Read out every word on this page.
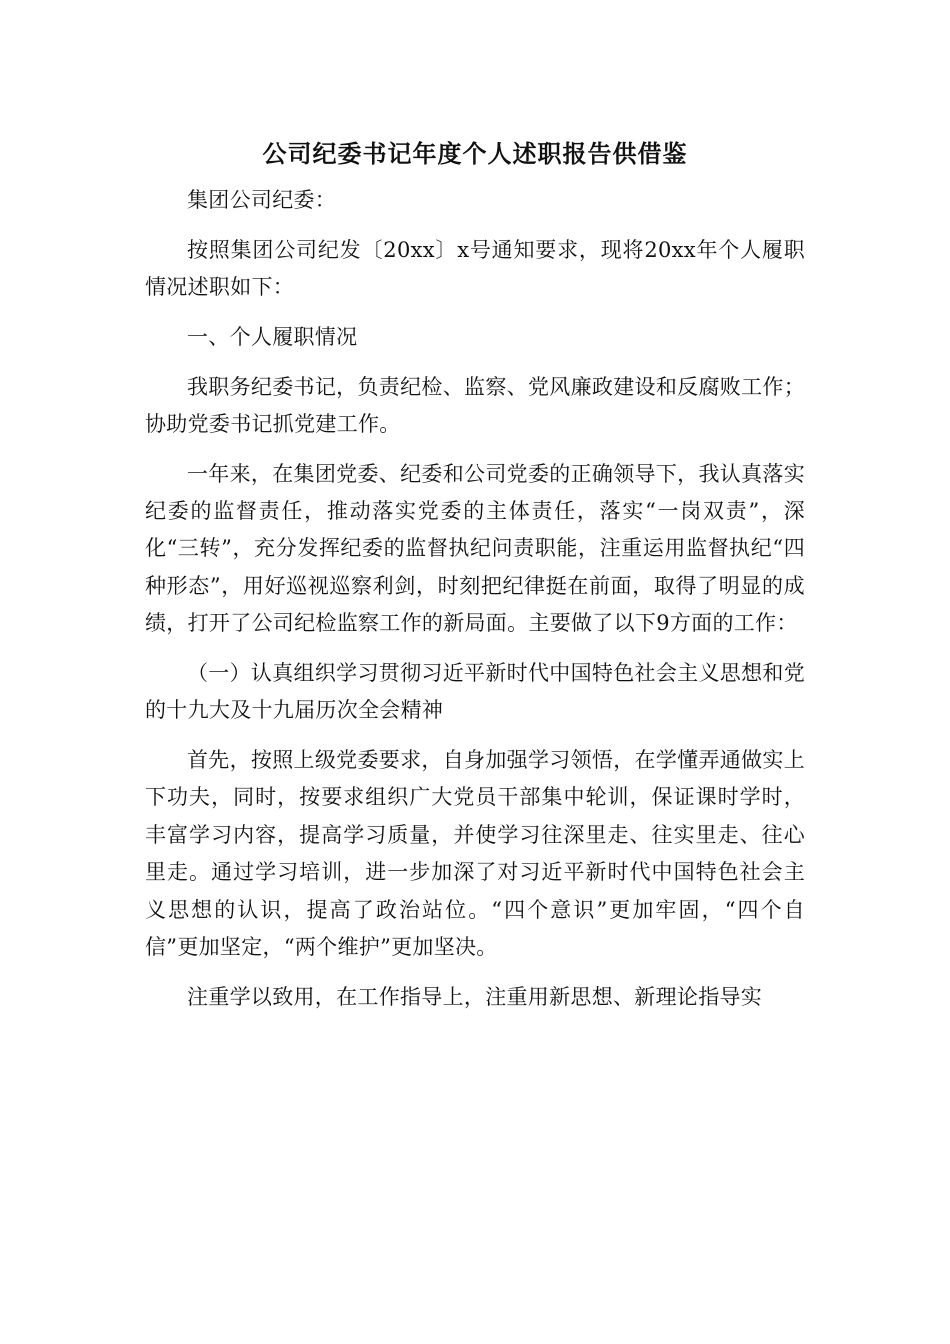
公司纪委书记年度个人述职报告供借鉴

集团公司纪委：

按照集团公司纪发〔20xx〕x号通知要求，现将20xx年个人履职情况述职如下：

一、个人履职情况

我职务纪委书记，负责纪检、监察、党风廉政建设和反腐败工作；协助党委书记抓党建工作。

一年来，在集团党委、纪委和公司党委的正确领导下，我认真落实纪委的监督责任，推动落实党委的主体责任，落实“一岗双责”，深化“三转”，充分发挥纪委的监督执纪问责职能，注重运用监督执纪“四种形态”，用好巡视巡察利剑，时刻把纪律挺在前面，取得了明显的成绩，打开了公司纪检监察工作的新局面。主要做了以下9方面的工作：

（一）认真组织学习贯彻习近平新时代中国特色社会主义思想和党的十九大及十九届历次全会精神

首先，按照上级党委要求，自身加强学习领悟，在学懂弄通做实上下功夫，同时，按要求组织广大党员干部集中轮训，保证课时学时，丰富学习内容，提高学习质量，并使学习往深里走、往实里走、往心里走。通过学习培训，进一步加深了对习近平新时代中国特色社会主义思想的认识，提高了政治站位。“四个意识”更加牢固，“四个自信”更加坚定，“两个维护”更加坚决。

注重学以致用，在工作指导上，注重用新思想、新理论指导实
